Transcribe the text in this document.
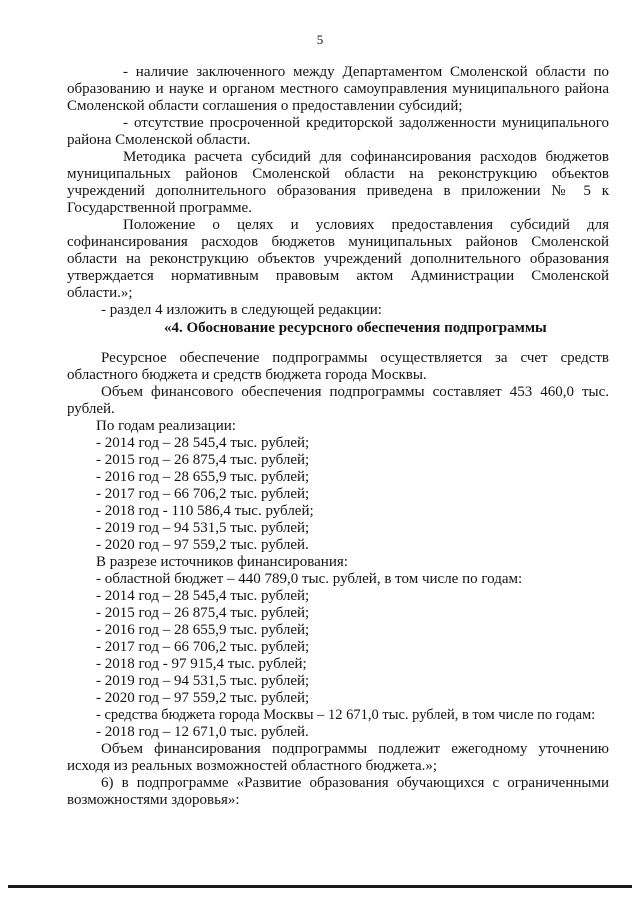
5

- наличие заключенного между Департаментом Смоленской области по образованию и науке и органом местного самоуправления муниципального района Смоленской области соглашения о предоставлении субсидий;

- отсутствие просроченной кредиторской задолженности муниципального района Смоленской области.

Методика расчета субсидий для софинансирования расходов бюджетов муниципальных районов Смоленской области на реконструкцию объектов учреждений дополнительного образования приведена в приложении № 5 к Государственной программе.

Положение о целях и условиях предоставления субсидий для софинансирования расходов бюджетов муниципальных районов Смоленской области на реконструкцию объектов учреждений дополнительного образования утверждается нормативным правовым актом Администрации Смоленской области.»;

- раздел 4 изложить в следующей редакции:

«4. Обоснование ресурсного обеспечения подпрограммы

Ресурсное обеспечение подпрограммы осуществляется за счет средств областного бюджета и средств бюджета города Москвы.

Объем финансового обеспечения подпрограммы составляет 453 460,0 тыс. рублей.

По годам реализации:

- 2014 год – 28 545,4 тыс. рублей;

- 2015 год – 26 875,4 тыс. рублей;

- 2016 год – 28 655,9 тыс. рублей;

- 2017 год – 66 706,2 тыс. рублей;

- 2018 год - 110 586,4 тыс. рублей;

- 2019 год – 94 531,5 тыс. рублей;

- 2020 год – 97 559,2 тыс. рублей.

В разрезе источников финансирования:

- областной бюджет – 440 789,0 тыс. рублей, в том числе по годам:

- 2014 год – 28 545,4 тыс. рублей;

- 2015 год – 26 875,4 тыс. рублей;

- 2016 год – 28 655,9 тыс. рублей;

- 2017 год – 66 706,2 тыс. рублей;

- 2018 год - 97 915,4 тыс. рублей;

- 2019 год – 94 531,5 тыс. рублей;

- 2020 год – 97 559,2 тыс. рублей;

- средства бюджета города Москвы – 12 671,0 тыс. рублей, в том числе по годам:

- 2018 год – 12 671,0 тыс. рублей.

Объем финансирования подпрограммы подлежит ежегодному уточнению исходя из реальных возможностей областного бюджета.»;

6) в подпрограмме «Развитие образования обучающихся с ограниченными возможностями здоровья»:
